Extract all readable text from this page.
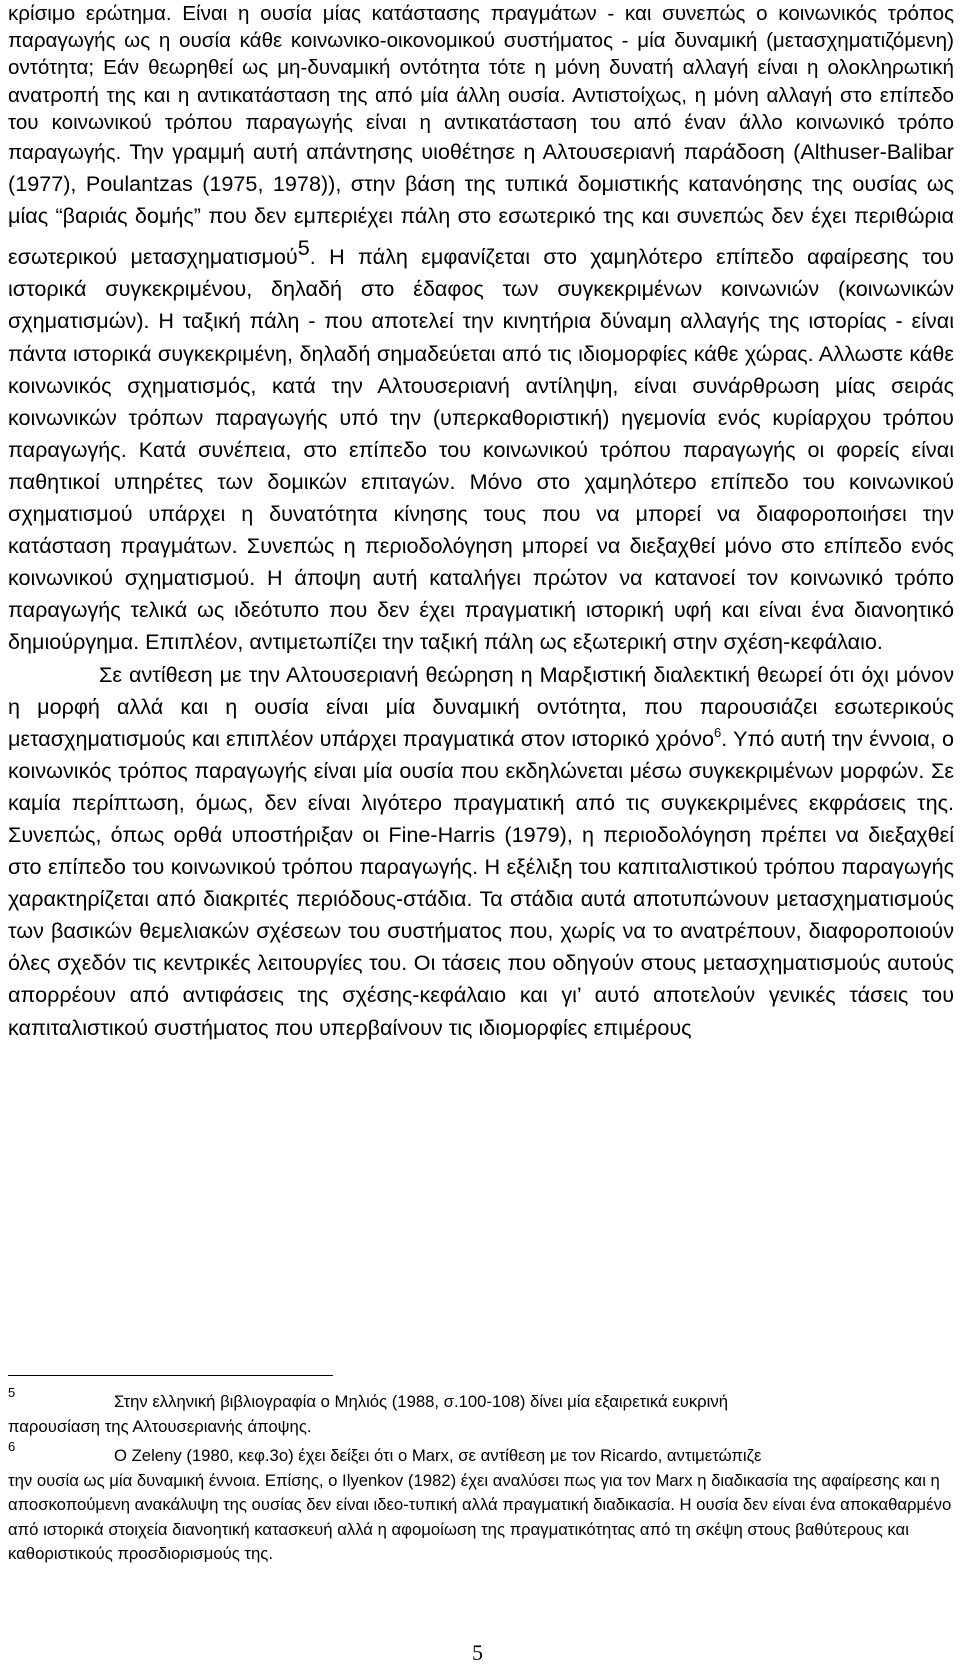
κρίσιμο ερώτημα. Είναι η ουσία μίας κατάστασης πραγμάτων - και συνεπώς ο κοινωνικός τρόπος παραγωγής ως η ουσία κάθε κοινωνικο-οικονομικού συστήματος - μία δυναμική (μετασχηματιζόμενη) οντότητα; Εάν θεωρηθεί ως μη-δυναμική οντότητα τότε η μόνη δυνατή αλλαγή είναι η ολοκληρωτική ανατροπή της και η αντικατάσταση της από μία άλλη ουσία. Αντιστοίχως, η μόνη αλλαγή στο επίπεδο του κοινωνικού τρόπου παραγωγής είναι η αντικατάσταση του από έναν άλλο κοινωνικό τρόπο παραγωγής. Την γραμμή αυτή απάντησης υιοθέτησε η Αλτουσεριανή παράδοση (Althuser-Balibar (1977), Poulantzas (1975, 1978)), στην βάση της τυπικά δομιστικής κατανόησης της ουσίας ως μίας “βαριάς δομής” που δεν εμπεριέχει πάλη στο εσωτερικό της και συνεπώς δεν έχει περιθώρια εσωτερικού μετασχηματισμού$^5$. Η πάλη εμφανίζεται στο χαμηλότερο επίπεδο αφαίρεσης του ιστορικά συγκεκριμένου, δηλαδή στο έδαφος των συγκεκριμένων κοινωνιών (κοινωνικών σχηματισμών). Η ταξική πάλη - που αποτελεί την κινητήρια δύναμη αλλαγής της ιστορίας - είναι πάντα ιστορικά συγκεκριμένη, δηλαδή σημαδεύεται από τις ιδιομορφίες κάθε χώρας. Αλλωστε κάθε κοινωνικός σχηματισμός, κατά την Αλτουσεριανή αντίληψη, είναι συνάρθρωση μίας σειράς κοινωνικών τρόπων παραγωγής υπό την (υπερκαθοριστική) ηγεμονία ενός κυρίαρχου τρόπου παραγωγής. Κατά συνέπεια, στο επίπεδο του κοινωνικού τρόπου παραγωγής οι φορείς είναι παθητικοί υπηρέτες των δομικών επιταγών. Μόνο στο χαμηλότερο επίπεδο του κοινωνικού σχηματισμού υπάρχει η δυνατότητα κίνησης τους που να μπορεί να διαφοροποιήσει την κατάσταση πραγμάτων. Συνεπώς η περιοδολόγηση μπορεί να διεξαχθεί μόνο στο επίπεδο ενός κοινωνικού σχηματισμού. Η άποψη αυτή καταλήγει πρώτον να κατανοεί τον κοινωνικό τρόπο παραγωγής τελικά ως ιδεότυπο που δεν έχει πραγματική ιστορική υφή και είναι ένα διανοητικό δημιούργημα. Επιπλέον, αντιμετωπίζει την ταξική πάλη ως εξωτερική στην σχέση-κεφάλαιο.

Σε αντίθεση με την Αλτουσεριανή θεώρηση η Μαρξιστική διαλεκτική θεωρεί ότι όχι μόνον η μορφή αλλά και η ουσία είναι μία δυναμική οντότητα, που παρουσιάζει εσωτερικούς μετασχηματισμούς και επιπλέον υπάρχει πραγματικά στον ιστορικό χρόνο$^6$. Υπό αυτή την έννοια, ο κοινωνικός τρόπος παραγωγής είναι μία ουσία που εκδηλώνεται μέσω συγκεκριμένων μορφών. Σε καμία περίπτωση, όμως, δεν είναι λιγότερο πραγματική από τις συγκεκριμένες εκφράσεις της. Συνεπώς, όπως ορθά υποστήριξαν οι Fine-Harris (1979), η περιοδολόγηση πρέπει να διεξαχθεί στο επίπεδο του κοινωνικού τρόπου παραγωγής. Η εξέλιξη του καπιταλιστικού τρόπου παραγωγής χαρακτηρίζεται από διακριτές περιόδους-στάδια. Τα στάδια αυτά αποτυπώνουν μετασχηματισμούς των βασικών θεμελιακών σχέσεων του συστήματος που, χωρίς να το ανατρέπουν, διαφοροποιούν όλες σχεδόν τις κεντρικές λειτουργίες του. Οι τάσεις που οδηγούν στους μετασχηματισμούς αυτούς απορρέουν από αντιφάσεις της σχέσης-κεφάλαιο και γι’ αυτό αποτελούν γενικές τάσεις του καπιταλιστικού συστήματος που υπερβαίνουν τις ιδιομορφίες επιμέρους

5	Στην ελληνική βιβλιογραφία ο Μηλιός (1988, σ.100-108) δίνει μία εξαιρετικά ευκρινή
παρουσίαση της Αλτουσεριανής άποψης.
6	Ο Zeleny (1980, κεφ.3ο) έχει δείξει ότι ο Marx, σε αντίθεση με τον Ricardo, αντιμετώπιζε
την ουσία ως μία δυναμική έννοια. Επίσης, ο Ilyenkov (1982) έχει αναλύσει πως για τον Marx η διαδικασία της αφαίρεσης και η αποσκοπούμενη ανακάλυψη της ουσίας δεν είναι ιδεο-τυπική αλλά πραγματική διαδικασία. Η ουσία δεν είναι ένα αποκαθαρμένο από ιστορικά στοιχεία διανοητική κατασκευή αλλά η αφομοίωση της πραγματικότητας από τη σκέψη στους βαθύτερους και καθοριστικούς προσδιορισμούς της.
5
